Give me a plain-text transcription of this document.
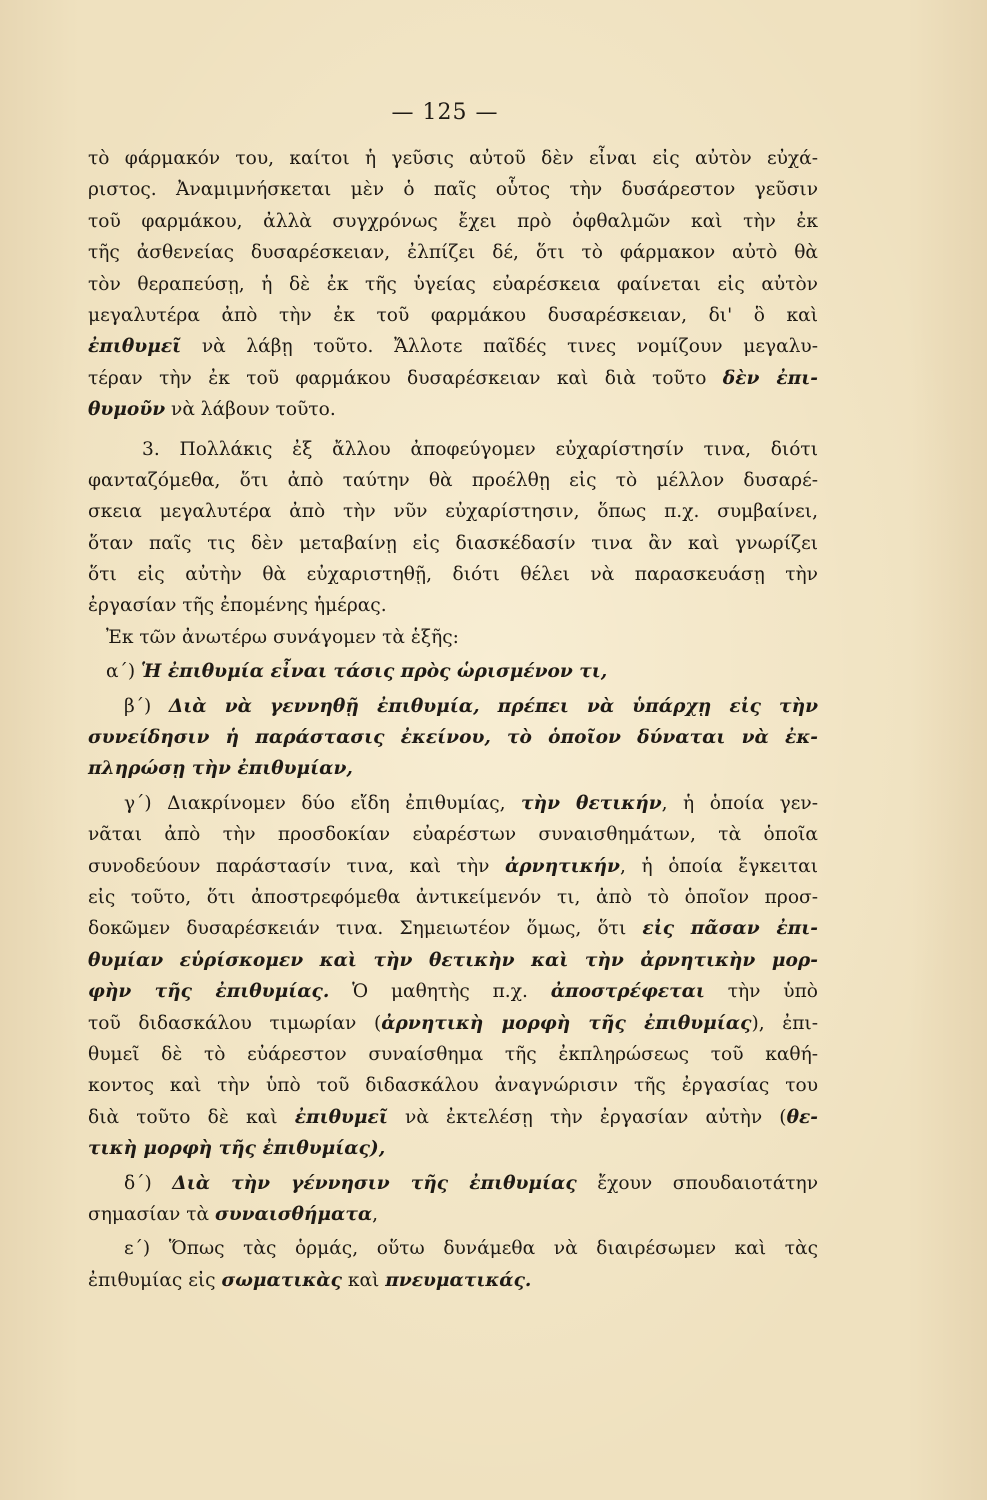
— 125 —
τὸ φάρμακόν του, καίτοι ἡ γεῦσις αὐτοῦ δὲν εἶναι εἰς αὐτὸν εὐχά-
ριστος. Ἀναμιμνήσκεται μὲν ὁ παῖς οὗτος τὴν δυσάρεστον γεῦσιν
τοῦ φαρμάκου, ἀλλὰ συγχρόνως ἔχει πρὸ ὀφθαλμῶν καὶ τὴν ἐκ
τῆς ἀσθενείας δυσαρέσκειαν, ἐλπίζει δέ, ὅτι τὸ φάρμακον αὐτὸ θὰ
τὸν θεραπεύσῃ, ἡ δὲ ἐκ τῆς ὑγείας εὐαρέσκεια φαίνεται εἰς αὐτὸν
μεγαλυτέρα ἀπὸ τὴν ἐκ τοῦ φαρμάκου δυσαρέσκειαν, δι' ὃ καὶ
ἐπιθυμεῖ νὰ λάβῃ τοῦτο. Ἄλλοτε παῖδές τινες νομίζουν μεγαλυ-
τέραν τὴν ἐκ τοῦ φαρμάκου δυσαρέσκειαν καὶ διὰ τοῦτο δὲν ἐπι-
θυμοῦν νὰ λάβουν τοῦτο.
3. Πολλάκις ἐξ ἄλλου ἀποφεύγομεν εὐχαρίστησίν τινα, διότι
φανταζόμεθα, ὅτι ἀπὸ ταύτην θὰ προέλθῃ εἰς τὸ μέλλον δυσαρέ-
σκεια μεγαλυτέρα ἀπὸ τὴν νῦν εὐχαρίστησιν, ὅπως π.χ. συμβαίνει,
ὅταν παῖς τις δὲν μεταβαίνῃ εἰς διασκέδασίν τινα ἂν καὶ γνωρίζει
ὅτι εἰς αὐτὴν θὰ εὐχαριστηθῇ, διότι θέλει νὰ παρασκευάσῃ τὴν
ἐργασίαν τῆς ἐπομένης ἡμέρας.
Ἐκ τῶν ἀνωτέρω συνάγομεν τὰ ἑξῆς:
α΄) Ἡ ἐπιθυμία εἶναι τάσις πρὸς ὡρισμένον τι,
β΄) Διὰ νὰ γεννηθῇ ἐπιθυμία, πρέπει νὰ ὑπάρχῃ εἰς τὴν
συνείδησιν ἡ παράστασις ἐκείνου, τὸ ὁποῖον δύναται νὰ ἐκ-
πληρώσῃ τὴν ἐπιθυμίαν,
γ΄) Διακρίνομεν δύο εἴδη ἐπιθυμίας, τὴν θετικήν, ἡ ὁποία γεν-
νᾶται ἀπὸ τὴν προσδοκίαν εὐαρέστων συναισθημάτων, τὰ ὁποῖα
συνοδεύουν παράστασίν τινα, καὶ τὴν ἀρνητικήν, ἡ ὁποία ἔγκειται
εἰς τοῦτο, ὅτι ἀποστρεφόμεθα ἀντικείμενόν τι, ἀπὸ τὸ ὁποῖον προσ-
δοκῶμεν δυσαρέσκειάν τινα. Σημειωτέον ὅμως, ὅτι εἰς πᾶσαν ἐπι-
θυμίαν εὑρίσκομεν καὶ τὴν θετικὴν καὶ τὴν ἀρνητικὴν μορ-
φὴν τῆς ἐπιθυμίας. Ὁ μαθητὴς π.χ. ἀποστρέφεται τὴν ὑπὸ
τοῦ διδασκάλου τιμωρίαν (ἀρνητικὴ μορφὴ τῆς ἐπιθυμίας), ἐπι-
θυμεῖ δὲ τὸ εὐάρεστον συναίσθημα τῆς ἐκπληρώσεως τοῦ καθή-
κοντος καὶ τὴν ὑπὸ τοῦ διδασκάλου ἀναγνώρισιν τῆς ἐργασίας του
διὰ τοῦτο δὲ καὶ ἐπιθυμεῖ νὰ ἐκτελέσῃ τὴν ἐργασίαν αὐτὴν (θε-
τικὴ μορφὴ τῆς ἐπιθυμίας),
δ΄) Διὰ τὴν γέννησιν τῆς ἐπιθυμίας ἔχουν σπουδαιοτάτην
σημασίαν τὰ συναισθήματα,
ε΄) Ὅπως τὰς ὁρμάς, οὕτω δυνάμεθα νὰ διαιρέσωμεν καὶ τὰς
ἐπιθυμίας εἰς σωματικὰς καὶ πνευματικάς.
